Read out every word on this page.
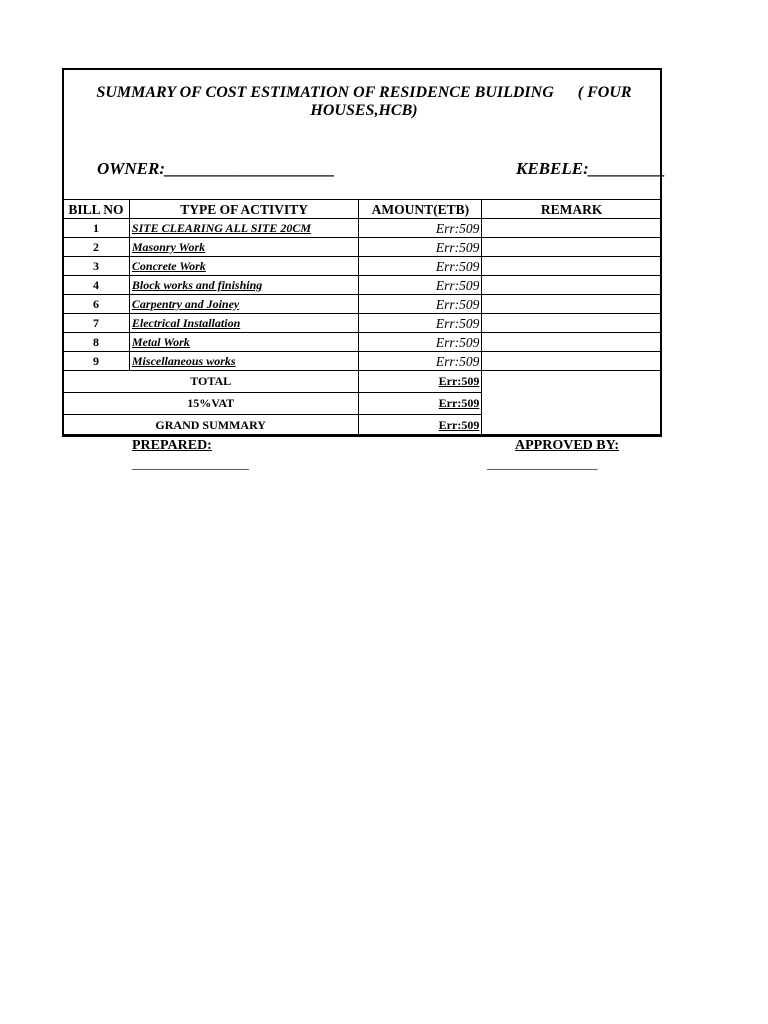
SUMMARY OF COST ESTIMATION OF RESIDENCE BUILDING      ( FOUR
HOUSES,HCB)
OWNER:____________________	KEBELE:_________
BILL NO	TYPE OF ACTIVITY	AMOUNT(ETB)	REMARK
1	SITE CLEARING ALL SITE 20CM	Err:509	
2	Masonry Work	Err:509	
3	Concrete Work	Err:509	
4	Block works and finishing	Err:509	
6	Carpentry and Joiney	Err:509	
7	Electrical Installation	Err:509	
8	Metal Work	Err:509	
9	Miscellaneous works	Err:509	
TOTAL		Err:509	
15%VAT		Err:509	
GRAND SUMMARY		Err:509	
PREPARED:	APPROVED BY:
__________________	_________________
